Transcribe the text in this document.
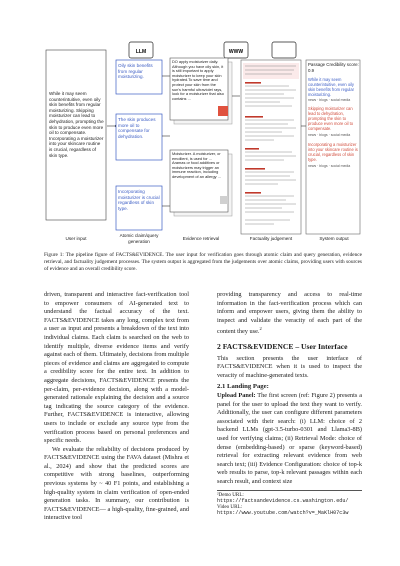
LLM	WWW
While it may seem counterintuitive, even oily skin benefits from regular moisturizing. Skipping moisturizer can lead to dehydration, prompting the skin to produce even more oil to compensate. Incorporating a moisturizer into your skincare routine is crucial, regardless of skin type.
Oily skin benefits from regular moisturizing.
The skin produces more oil to compensate for dehydration.
Incorporating moisturizer is crucial regardless of skin type.
DO apply moisturizer daily. Although you have oily skin, it is still important to apply moisturizer to keep your skin hydrated.To save time and protect your skin from the sun's harmful ultraviolet rays, look for a moisturizer that also contains ...
Moisturizer. A moisturizer, or emollient, is used for ... Aramas or food additives or moisturizers may trigger an immune reaction, including development of an allergy ...
Passage Credibility score: 0.9
While it may seem counterintuitive, even oily skin benefits from regular moisturizing.
news · blogs · social media
Skipping moisturizer can lead to dehydration, prompting the skin to produce even more oil to compensate.
news · blogs · social media
Incorporating a moisturizer into your skincare routine is crucial, regardless of skin type.
news · blogs · social media
User input
Atomic claim/query generation
Evidence retrieval	Factuality judgement	System output
Figure 1: The pipeline figure of FACTS&EVIDENCE. The user input for verification goes through atomic claim and query generation, evidence retrieval, and factuality judgement processes. The system output is aggregated from the judgements over atomic claims, providing users with sources of evidence and an overall credibility score.

driven, transparent and interactive fact-verification tool to empower consumers of AI-generated text to understand the factual accuracy of the text. FACTS&EVIDENCE takes any long, complex text from a user as input and presents a breakdown of the text into individual claims. Each claim is searched on the web to identify multiple, diverse evidence items and verify against each of them. Ultimately, decisions from multiple pieces of evidence and claims are aggregated to compute a credibility score for the entire text. In addition to aggregate decisions, FACTS&EVIDENCE presents the per-claim, per-evidence decision, along with a model-generated rationale explaining the decision and a source tag indicating the source category of the evidence. Further, FACTS&EVIDENCE is interactive, allowing users to include or exclude any source type from the verification process based on personal preferences and specific needs.

We evaluate the reliability of decisions produced by FACTS&EVIDENCE using the FAVA dataset (Mishra et al., 2024) and show that the predicted scores are competitive with strong baselines, outperforming previous systems by ~ 40 F1 points, and establishing a high-quality system in claim verification of open-ended generation tasks. In summary, our contribution is FACTS&EVIDENCE— a high-quality, fine-grained, and interactive tool

providing transparency and access to real-time information in the fact-verification process which can inform and empower users, giving them the ability to inspect and validate the veracity of each part of the content they use.$^2$

2 FACTS&EVIDENCE – User Interface

This section presents the user interface of FACTS&EVIDENCE when it is used to inspect the veracity of machine-generated texts.

2.1 Landing Page:

Upload Panel: The first screen (ref: Figure 2) presents a panel for the user to upload the text they want to verify. Additionally, the user can configure different parameters associated with their search: (i) LLM: choice of 2 backend LLMs (gpt-3.5-turbo-0301 and Llama3-8B) used for verifying claims; (ii) Retrieval Mode: choice of dense (embedding-based) or sparse (keyword-based) retrieval for extracting relevant evidence from web search text; (iii) Evidence Configuration: choice of top-k web results to parse, top-k relevant passages within each search result, and context size

²Demo URL:
https://factsandevidence.cs.washington.edu/
Video URL:
https://www.youtube.com/watch?v=_MaKlH07c3w
